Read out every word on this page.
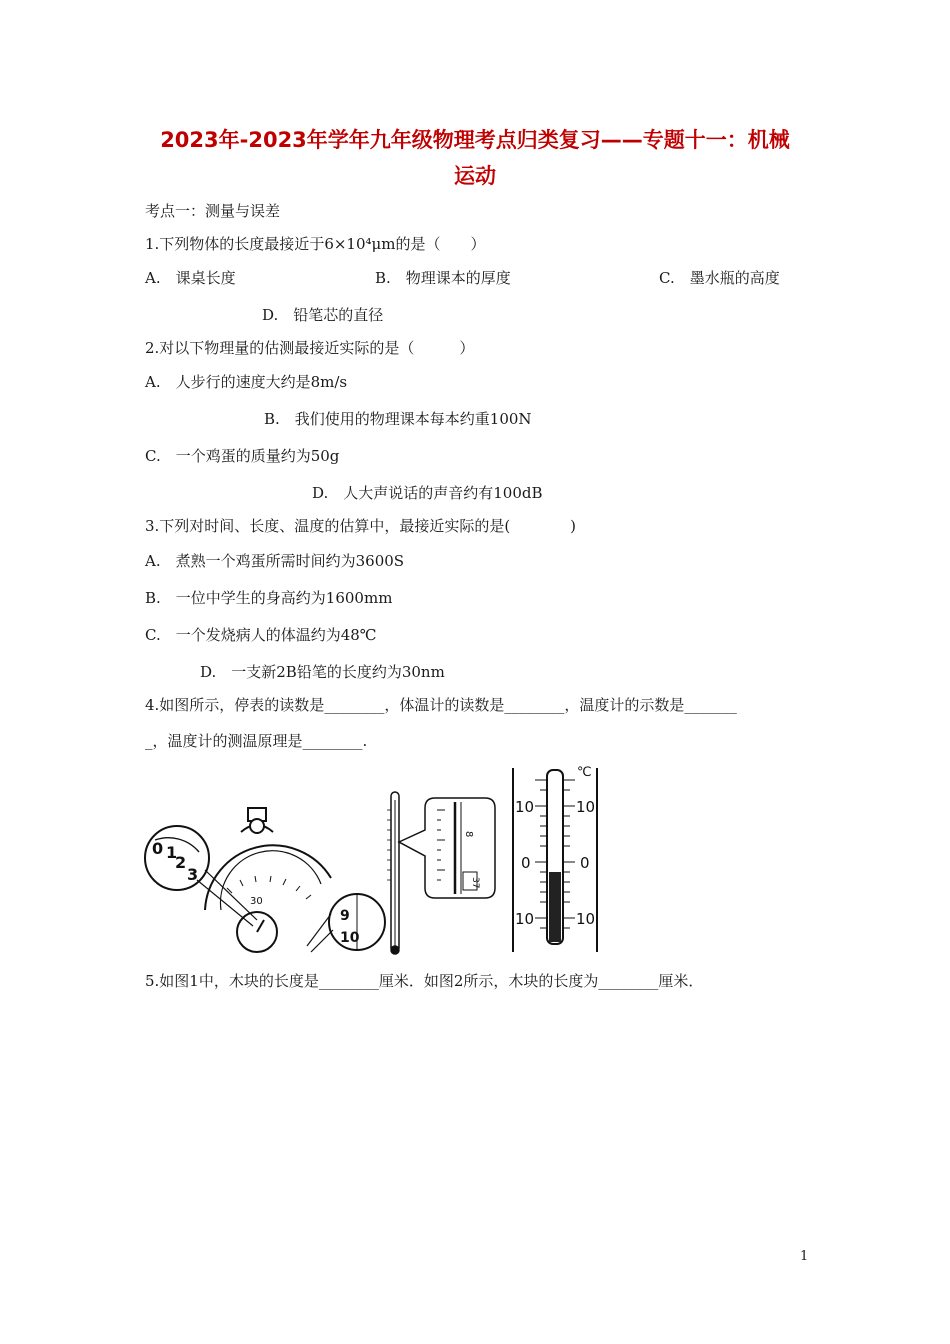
2023年-2023年学年九年级物理考点归类复习——专题十一：机械
运动
考点一：测量与误差
1.下列物体的长度最接近于6×10⁴μm的是（　　）
A.　课桌长度	B.　物理课本的厚度	C.　墨水瓶的高度
D.　铅笔芯的直径
2.对以下物理量的估测最接近实际的是（　　　）
A.　人步行的速度大约是8m/s
B.　我们使用的物理课本每本约重100N
C.　一个鸡蛋的质量约为50g
D.　人大声说话的声音约有100dB
3.下列对时间、长度、温度的估算中，最接近实际的是(　　　　)
A.　煮熟一个鸡蛋所需时间约为3600S
B.　一位中学生的身高约为1600mm
C.　一个发烧病人的体温约为48℃
D.　一支新2B铅笔的长度约为30nm
4.如图所示，停表的读数是________，体温计的读数是________，温度计的示数是_______
_，温度计的测温原理是________.
30
0 1
2
3
9
10
8
37
℃
10
0
10
10
0
10
5.如图1中，木块的长度是________厘米．如图2所示，木块的长度为________厘米．
1
